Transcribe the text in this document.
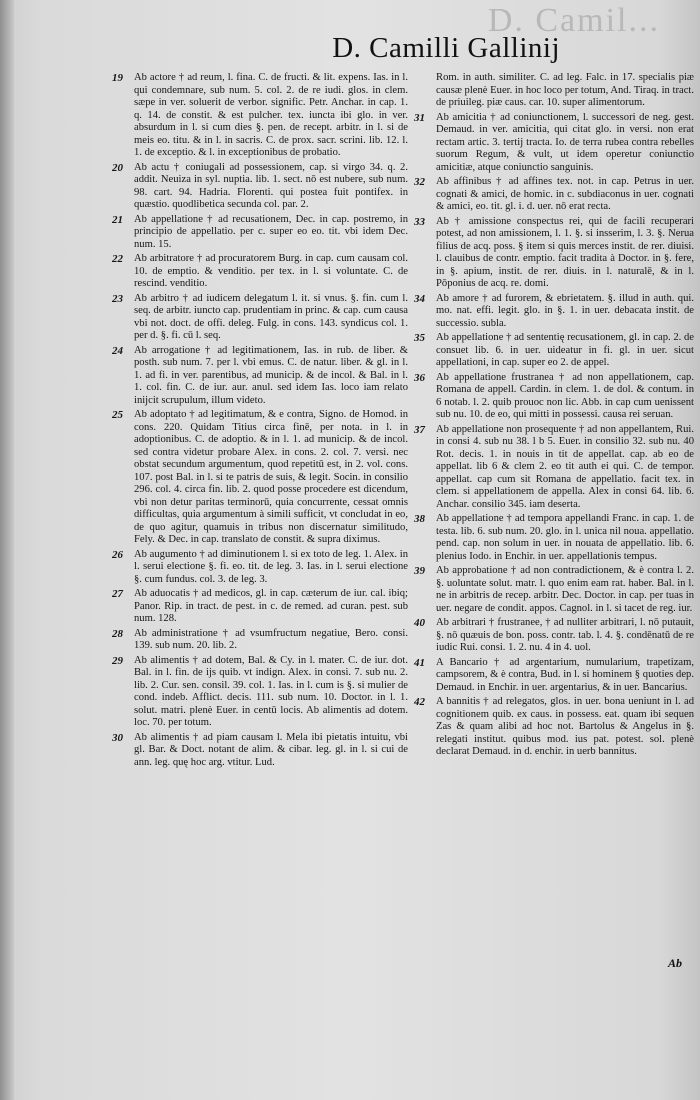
D. Camil...
D. Camilli Gallinij
19 Ab actore † ad reum, l. fina. C. de fructi. & lit. expens. Ias. in l. qui condemnare, sub num. 5. col. 2. de re iudi. glos. in clem. sæpe in ver. soluerit de verbor. signific. Petr. Anchar. in cap. 1. q. 14. de constit. & est pulcher. tex. iuncta ibi glo. in ver. absurdum in l. si cum dies §. pen. de recept. arbitr. in l. si de meis eo. titu. & in l. in sacris. C. de prox. sacr. scrini. lib. 12. l. 1. de exceptio. & l. in exceptionibus de probatio.
20 Ab actu † coniugali ad possessionem, cap. si virgo 34. q. 2. addit. Neuiza in syl. nuptia. lib. 1. sect. nō est nubere, sub num. 98. cart. 94. Hadria. Florenti. qui postea fuit pontifex. in quæstio. quodlibetica secunda col. par. 2.
21 Ab appellatione † ad recusationem, Dec. in cap. postremo, in principio de appellatio. per c. super eo eo. tit. vbi idem Dec. num. 15.
22 Ab arbitratore † ad procuratorem Burg. in cap. cum causam col. 10. de emptio. & venditio. per tex. in l. si voluntate. C. de rescind. venditio.
23 Ab arbitro † ad iudicem delegatum l. it. si vnus. §. fin. cum l. seq. de arbitr. iuncto cap. prudentiam in princ. & cap. cum causa vbi not. doct. de offi. deleg. Fulg. in cons. 143. syndicus col. 1. per d. §. fi. cū l. seq.
24 Ab arrogatione † ad legitimationem, Ias. in rub. de liber. & posth. sub num. 7. per l. vbi emus. C. de natur. liber. & gl. in l. 1. ad fi. in ver. parentibus, ad municip. & de incol. & Bal. in l. 1. col. fin. C. de iur. aur. anul. sed idem Ias. loco iam relato inijcit scrupulum, illum videto.
25 Ab adoptato † ad legitimatum, & e contra, Signo. de Homod. in cons. 220. Quidam Titius circa finē, per nota. in l. in adoptionibus. C. de adoptio. & in l. 1. ad municip. & de incol. sed contra videtur probare Alex. in cons. 2. col. 7. versi. nec obstat secundum argumentum, quod repetitū est, in 2. vol. cons. 107. post Bal. in l. si te patris de suis, & legit. Socin. in consilio 296. col. 4. circa fin. lib. 2. quod posse procedere est dicendum, vbi non detur paritas terminorū, quia concurrente, cessat omnis difficultas, quia argumentum à simili sufficit, vt concludat in eo, de quo agitur, quamuis in tribus non discernatur similitudo, Fely. & Dec. in cap. translato de constit. & supra diximus.
26 Ab augumento † ad diminutionem l. si ex toto de leg. 1. Alex. in l. serui electione §. fi. eo. tit. de leg. 3. Ias. in l. serui electione §. cum fundus. col. 3. de leg. 3.
27 Ab aduocatis † ad medicos, gl. in cap. cæterum de iur. cal. ibiq; Panor. Rip. in tract. de pest. in c. de remed. ad curan. pest. sub num. 128.
28 Ab administratione † ad vsumfructum negatiue, Bero. consi. 139. sub num. 20. lib. 2.
29 Ab alimentis † ad dotem, Bal. & Cy. in l. mater. C. de iur. dot. Bal. in l. fin. de ijs quib. vt indign. Alex. in consi. 7. sub nu. 2. lib. 2. Cur. sen. consil. 39. col. 1. Ias. in l. cum is §. si mulier de cond. indeb. Afflict. decis. 111. sub num. 10. Doctor. in l. 1. solut. matri. plenè Euer. in centū locis. Ab alimentis ad dotem. loc. 70. per totum.
30 Ab alimentis † ad piam causam l. Mela ibi pietatis intuitu, vbi gl. Bar. & Doct. notant de alim. & cibar. leg. gl. in l. si cui de ann. leg. quę hoc arg. vtitur. Lud.
Rom. in auth. similiter. C. ad leg. Falc. in 17. specialis piæ causæ plenè Euer. in hoc loco per totum, And. Tiraq. in tract. de priuileg. piæ caus. car. 10. super alimentorum.
31 Ab amicitia † ad coniunctionem, l. successori de neg. gest. Demaud. in ver. amicitia, qui citat glo. in versi. non erat rectam artic. 3. tertij tracta. Io. de terra rubea contra rebelles suorum Regum, & vult, ut idem operetur coniunctio amicitiæ, atque coniunctio sanguinis.
32 Ab affinibus † ad affines tex. not. in cap. Petrus in uer. cognati & amici, de homic. in c. subdiaconus in uer. cognati & amici, eo. tit. gl. i. d. uer. nō erat recta.
33 Ab † amissione conspectus rei, qui de facili recuperari potest, ad non amissionem, l. 1. §. si insserim, l. 3. §. Nerua filius de acq. poss. § item si quis merces instit. de rer. diuisi. l. clauibus de contr. emptio. facit tradita à Doctor. in §. fere, in §. apium, instit. de rer. diuis. in l. naturalē, & in l. Pōponius de acq. re. domi.
34 Ab amore † ad furorem, & ebrietatem. §. illud in auth. qui. mo. nat. effi. legit. glo. in §. 1. in uer. debacata instit. de successio. subla.
35 Ab appellatione † ad sententię recusationem, gl. in cap. 2. de consuet lib. 6. in uer. uideatur in fi. gl. in uer. sicut appellationi, in cap. super eo 2. de appel.
36 Ab appellatione frustranea † ad non appellationem, cap. Romana de appell. Cardin. in clem. 1. de dol. & contum. in 6 notab. l. 2. quib prouoc non lic. Abb. in cap cum uenissent sub nu. 10. de eo, qui mitti in possessi. causa rei seruan.
37 Ab appellatione non prosequente † ad non appellantem, Rui. in consi 4. sub nu 38. l b 5. Euer. in consilio 32. sub nu. 40 Rot. decis. 1. in nouis in tit de appellat. cap. ab eo de appellat. lib 6 & clem 2. eo tit auth ei qui. C. de tempor. appellat. cap cum sit Romana de appellatio. facit tex. in clem. si appellationem de appella. Alex in consi 64. lib. 6. Anchar. consilio 345. iam deserta.
38 Ab appellatione † ad tempora appellandi Franc. in cap. 1. de testa. lib. 6. sub num. 20. glo. in l. unica nil noua. appellatio. pend. cap. non solum in uer. in nouata de appellatio. lib. 6. plenius Iodo. in Enchir. in uer. appellationis tempus.
39 Ab approbatione † ad non contradictionem, & è contra l. 2. §. uoluntate solut. matr. l. quo enim eam rat. haber. Bal. in l. ne in arbitris de recep. arbitr. Dec. Doctor. in cap. per tuas in uer. negare de condit. appos. Cagnol. in l. si tacet de reg. iur.
40 Ab arbitrari † frustranee, † ad nulliter arbitrari, l. nō putauit, §. nō quæuis de bon. poss. contr. tab. l. 4. §. condēnatū de re iudic Rui. consi. 1. 2. nu. 4 in 4. uol.
41 A Bancario † ad argentarium, numularium, trapetizam, campsorem, & è contra, Bud. in l. si hominem § quoties dep. Demaud. in Enchir. in uer. argentarius, & in uer. Bancarius.
42 A bannitis † ad relegatos, glos. in uer. bona ueniunt in l. ad cognitionem quib. ex caus. in possess. eat. quam ibi sequen Zas & quam alibi ad hoc not. Bartolus & Angelus in §. relegati institut. quibus mod. ius pat. potest. sol. plenè declarat Demaud. in d. enchir. in uerb bannitus.
Ab
